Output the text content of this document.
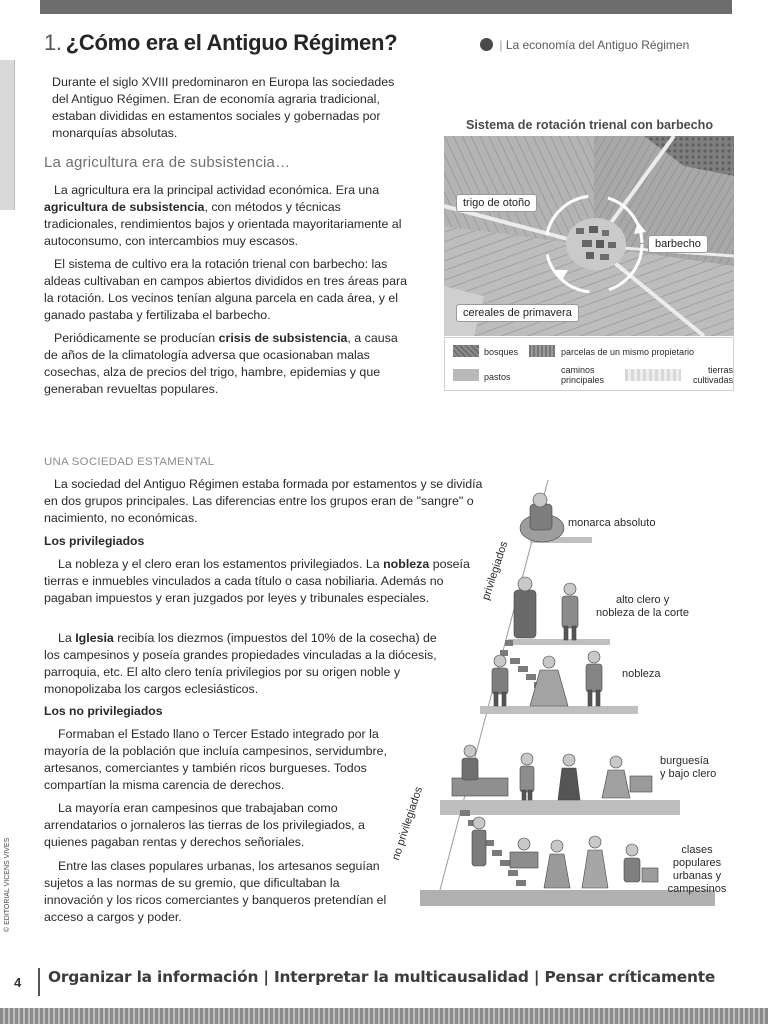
1. ¿Cómo era el Antiguo Régimen?	| La economía del Antiguo Régimen
Durante el siglo XVIII predominaron en Europa las sociedades del Antiguo Régimen. Eran de economía agraria tradicional, estaban divididas en estamentos sociales y gobernadas por monarquías absolutas.
La agricultura era de subsistencia…
La agricultura era la principal actividad económica. Era una agricultura de subsistencia, con métodos y técnicas tradicionales, rendimientos bajos y orientada mayoritariamente al autoconsumo, con intercambios muy escasos.
El sistema de cultivo era la rotación trienal con barbecho: las aldeas cultivaban en campos abiertos divididos en tres áreas para la rotación. Los vecinos tenían alguna parcela en cada área, y el ganado pastaba y fertilizaba el barbecho.
Periódicamente se producían crisis de subsistencia, a causa de años de la climatología adversa que ocasionaban malas cosechas, alza de precios del trigo, hambre, epidemias y que generaban revueltas populares.
Sistema de rotación trienal con barbecho
trigo de otoño
barbecho
cereales de primavera
bosques	parcelas de un mismo propietario
pastos
caminos principales
tierras cultivadas
UNA SOCIEDAD ESTAMENTAL
La sociedad del Antiguo Régimen estaba formada por estamentos y se dividía en dos grupos principales. Las diferencias entre los grupos eran de "sangre" o nacimiento, no económicas.
Los privilegiados
La nobleza y el clero eran los estamentos privilegiados. La nobleza poseía tierras e inmuebles vinculados a cada título o casa nobiliaria. Además no pagaban impuestos y eran juzgados por leyes y tribunales especiales.
La Iglesia recibía los diezmos (impuestos del 10% de la cosecha) de los campesinos y poseía grandes propiedades vinculadas a la diócesis, parroquia, etc. El alto clero tenía privilegios por su origen noble y monopolizaba los cargos eclesiásticos.
Los no privilegiados
Formaban el Estado llano o Tercer Estado integrado por la mayoría de la población que incluía campesinos, servidumbre, artesanos, comerciantes y también ricos burgueses. Todos compartían la misma carencia de derechos.
La mayoría eran campesinos que trabajaban como arrendatarios o jornaleros las tierras de los privilegiados, a quienes pagaban rentas y derechos señoriales.
Entre las clases populares urbanas, los artesanos seguían sujetos a las normas de su gremio, que dificultaban la innovación y los ricos comerciantes y banqueros pretendían el acceso a cargos y poder.
privilegiados
no privilegiados
monarca absoluto
alto clero y
nobleza de la corte
nobleza
burguesía
y bajo clero
clases
populares
urbanas y
campesinos
© EDITORIAL VICENS VIVES
4 Organizar la información | Interpretar la multicausalidad | Pensar críticamente
